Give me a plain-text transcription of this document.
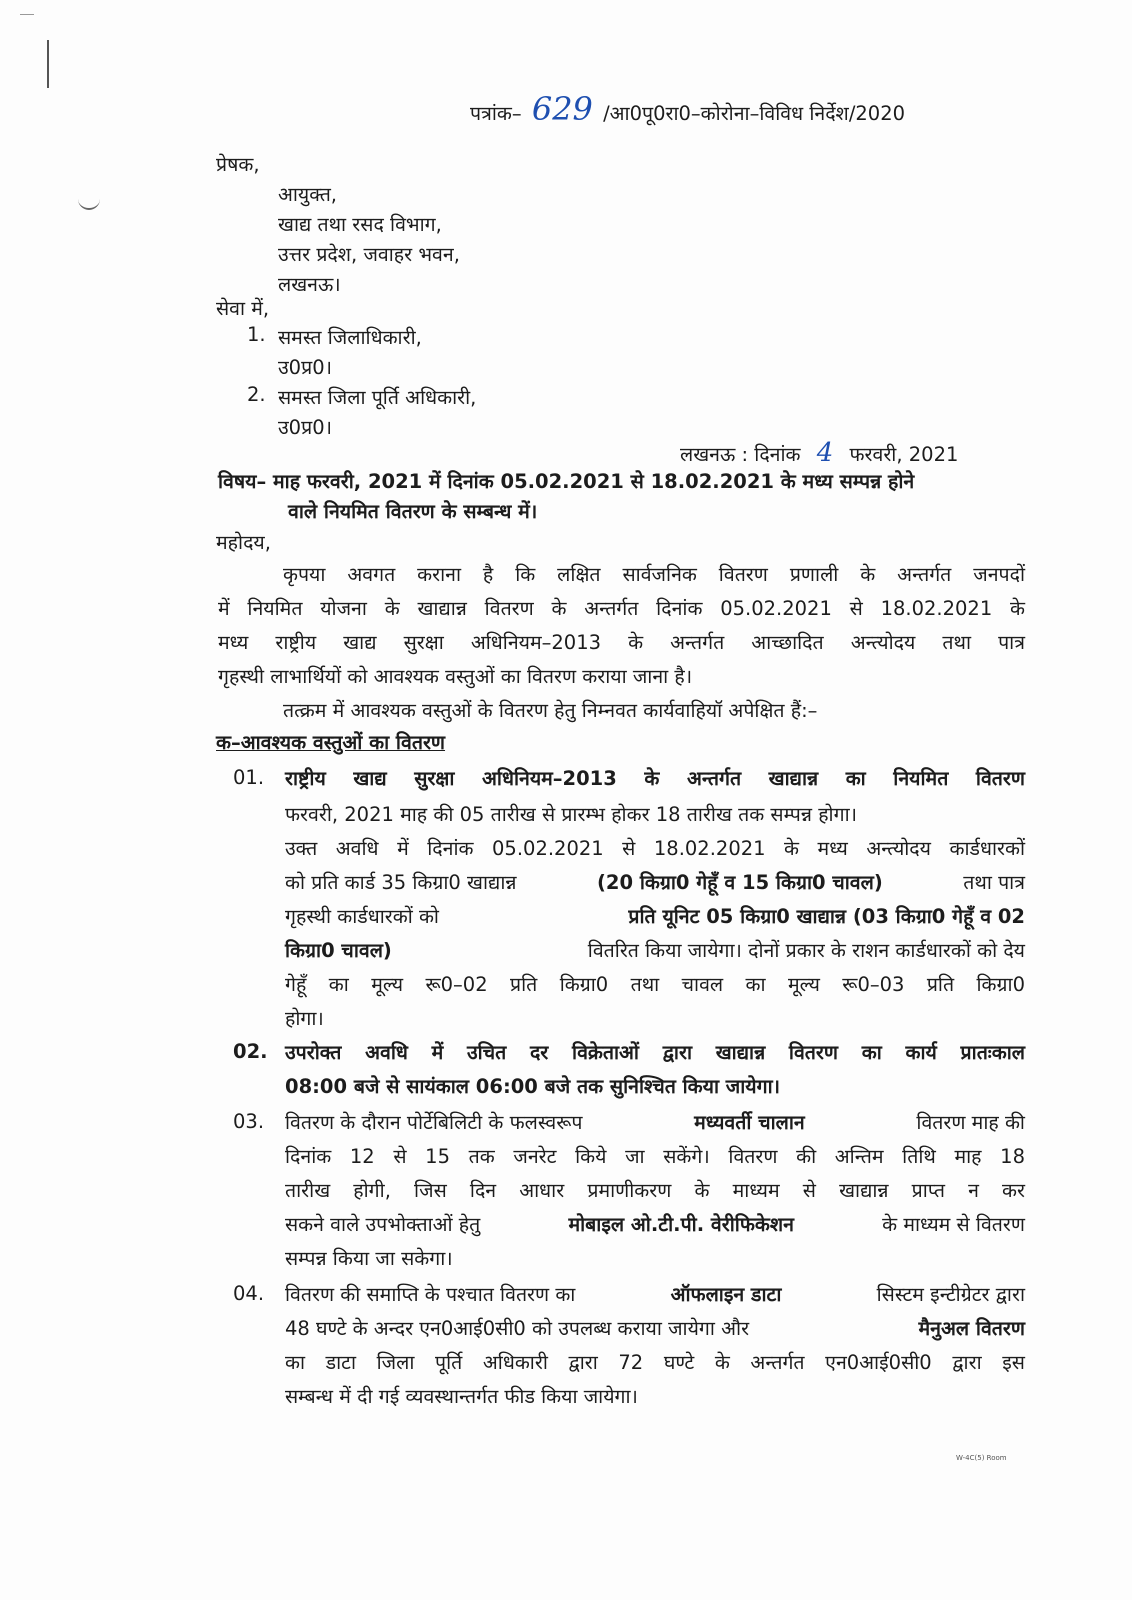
पत्रांक– 629 /आ0पू0रा0–कोरोना–विविध निर्देश/2020
प्रेषक,
आयुक्त,
खाद्य तथा रसद विभाग,
उत्तर प्रदेश, जवाहर भवन,
लखनऊ।
सेवा में,
1. समस्त जिलाधिकारी,
उ0प्र0।
2. समस्त जिला पूर्ति अधिकारी,
उ0प्र0।
लखनऊ : दिनांक 4 फरवरी, 2021
विषय– माह फरवरी, 2021 में दिनांक 05.02.2021 से 18.02.2021 के मध्य सम्पन्न होने
वाले नियमित वितरण के सम्बन्ध में।
महोदय,
कृपया अवगत कराना है कि लक्षित सार्वजनिक वितरण प्रणाली के अन्तर्गत जनपदों
में नियमित योजना के खाद्यान्न वितरण के अन्तर्गत दिनांक 05.02.2021 से 18.02.2021 के
मध्य राष्ट्रीय खाद्य सुरक्षा अधिनियम–2013 के अन्तर्गत आच्छादित अन्त्योदय तथा पात्र
गृहस्थी लाभार्थियों को आवश्यक वस्तुओं का वितरण कराया जाना है।
तत्क्रम में आवश्यक वस्तुओं के वितरण हेतु निम्नवत कार्यवाहियॉ अपेक्षित हैं:–
क–आवश्यक वस्तुओं का वितरण
01. राष्ट्रीय खाद्य सुरक्षा अधिनियम–2013 के अन्तर्गत खाद्यान्न का नियमित वितरण
फरवरी, 2021 माह की 05 तारीख से प्रारम्भ होकर 18 तारीख तक सम्पन्न होगा।
उक्त अवधि में दिनांक 05.02.2021 से 18.02.2021 के मध्य अन्त्योदय कार्डधारकों
को प्रति कार्ड 35 किग्रा0 खाद्यान्न	(20 किग्रा0 गेहूँ व 15 किग्रा0 चावल)	तथा पात्र
गृहस्थी कार्डधारकों को	प्रति यूनिट 05 किग्रा0 खाद्यान्न (03 किग्रा0 गेहूँ व 02
किग्रा0 चावल)	वितरित किया जायेगा। दोनों प्रकार के राशन कार्डधारकों को देय
गेहूँ का मूल्य रू0–02 प्रति किग्रा0 तथा चावल का मूल्य रू0–03 प्रति किग्रा0
होगा।
02. उपरोक्त अवधि में उचित दर विक्रेताओं द्वारा खाद्यान्न वितरण का कार्य प्रातःकाल
08:00 बजे से सायंकाल 06:00 बजे तक सुनिश्चित किया जायेगा।
03. वितरण के दौरान पोर्टेबिलिटी के फलस्वरूप	मध्यवर्ती चालान	वितरण माह की
दिनांक 12 से 15 तक जनरेट किये जा सकेंगे। वितरण की अन्तिम तिथि माह 18
तारीख होगी, जिस दिन आधार प्रमाणीकरण के माध्यम से खाद्यान्न प्राप्त न कर
सकने वाले उपभोक्ताओं हेतु	मोबाइल ओ.टी.पी. वेरीफिकेशन	के माध्यम से वितरण
सम्पन्न किया जा सकेगा।
04. वितरण की समाप्ति के पश्चात वितरण का	ऑफलाइन डाटा	सिस्टम इन्टीग्रेटर द्वारा
48 घण्टे के अन्दर एन0आई0सी0 को उपलब्ध कराया जायेगा और	मैनुअल वितरण
का डाटा जिला पूर्ति अधिकारी द्वारा 72 घण्टे के अन्तर्गत एन0आई0सी0 द्वारा इस
सम्बन्ध में दी गई व्यवस्थान्तर्गत फीड किया जायेगा।
W-4C(5) Room
